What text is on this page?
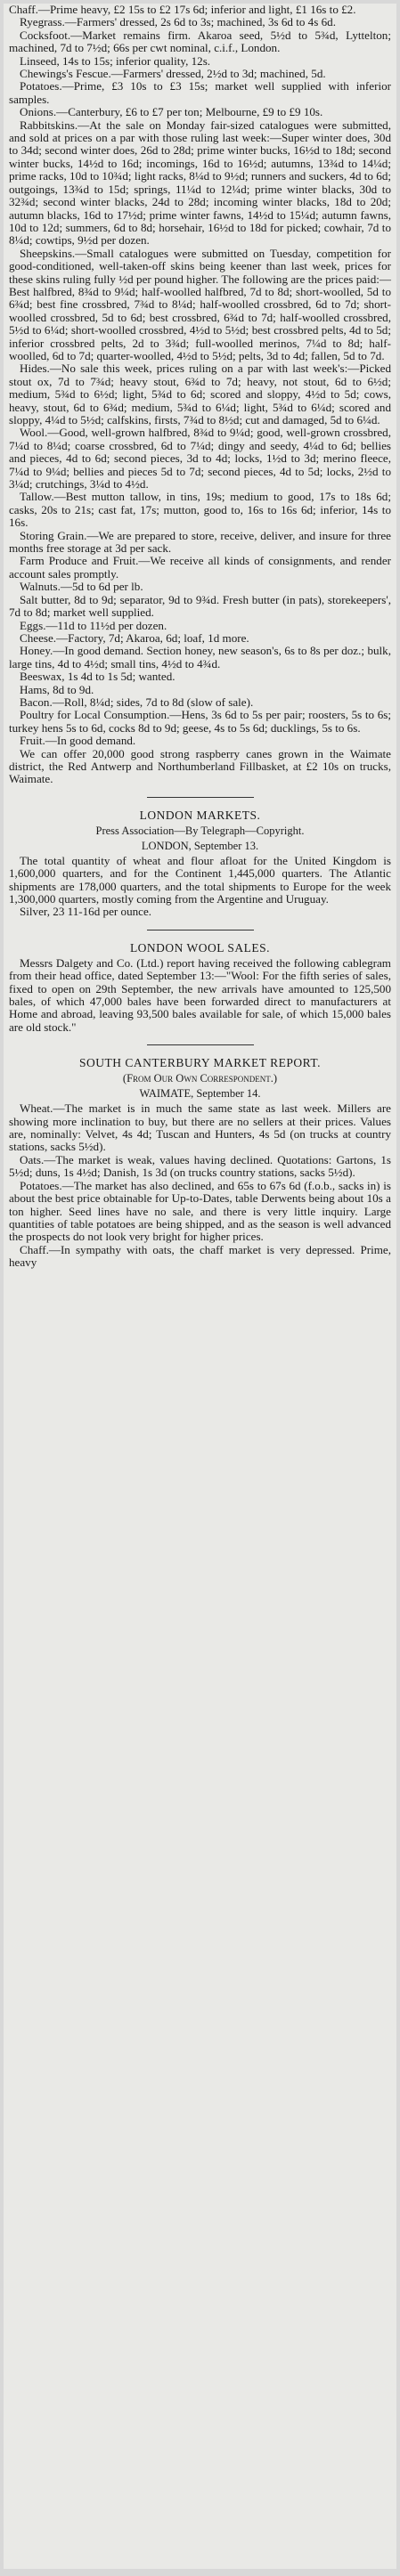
Chaff.—Prime heavy, £2 15s to £2 17s 6d; inferior and light, £1 16s to £2.

Ryegrass.—Farmers' dressed, 2s 6d to 3s; machined, 3s 6d to 4s 6d.

Cocksfoot.—Market remains firm. Akaroa seed, 5½d to 5¾d, Lyttelton; machined, 7d to 7½d; 66s per cwt nominal, c.i.f., London.

Linseed, 14s to 15s; inferior quality, 12s.

Chewings's Fescue.—Farmers' dressed, 2½d to 3d; machined, 5d.

Potatoes.—Prime, £3 10s to £3 15s; market well supplied with inferior samples.

Onions.—Canterbury, £6 to £7 per ton; Melbourne, £9 to £9 10s.

Rabbitskins.—At the sale on Monday fair-sized catalogues were submitted, and sold at prices on a par with those ruling last week:—Super winter does, 30d to 34d; second winter does, 26d to 28d; prime winter bucks, 16½d to 18d; second winter bucks, 14½d to 16d; incomings, 16d to 16½d; autumns, 13¾d to 14¼d; prime racks, 10d to 10¾d; light racks, 8¼d to 9½d; runners and suckers, 4d to 6d; outgoings, 13¾d to 15d; springs, 11¼d to 12¼d; prime winter blacks, 30d to 32¾d; second winter blacks, 24d to 28d; incoming winter blacks, 18d to 20d; autumn blacks, 16d to 17½d; prime winter fawns, 14½d to 15¼d; autumn fawns, 10d to 12d; summers, 6d to 8d; horsehair, 16½d to 18d for picked; cowhair, 7d to 8¼d; cowtips, 9½d per dozen.

Sheepskins.—Small catalogues were submitted on Tuesday, competition for good-conditioned, well-taken-off skins being keener than last week, prices for these skins ruling fully ½d per pound higher. The following are the prices paid:—Best halfbred, 8¾d to 9¼d; half-woolled halfbred, 7d to 8d; short-woolled, 5d to 6¾d; best fine crossbred, 7¾d to 8¼d; half-woolled crossbred, 6d to 7d; short-woolled crossbred, 5d to 6d; best crossbred, 6¾d to 7d; half-woolled crossbred, 5½d to 6¼d; short-woolled crossbred, 4½d to 5½d; best crossbred pelts, 4d to 5d; inferior crossbred pelts, 2d to 3¾d; full-woolled merinos, 7¼d to 8d; half-woolled, 6d to 7d; quarter-woolled, 4½d to 5½d; pelts, 3d to 4d; fallen, 5d to 7d.

Hides.—No sale this week, prices ruling on a par with last week's:—Picked stout ox, 7d to 7¾d; heavy stout, 6¾d to 7d; heavy, not stout, 6d to 6½d; medium, 5¾d to 6½d; light, 5¾d to 6d; scored and sloppy, 4½d to 5d; cows, heavy, stout, 6d to 6¾d; medium, 5¾d to 6¼d; light, 5¾d to 6¼d; scored and sloppy, 4¼d to 5½d; calfskins, firsts, 7¾d to 8½d; cut and damaged, 5d to 6¼d.

Wool.—Good, well-grown halfbred, 8¾d to 9¼d; good, well-grown crossbred, 7¼d to 8¼d; coarse crossbred, 6d to 7¼d; dingy and seedy, 4¼d to 6d; bellies and pieces, 4d to 6d; second pieces, 3d to 4d; locks, 1½d to 3d; merino fleece, 7¼d to 9¼d; bellies and pieces 5d to 7d; second pieces, 4d to 5d; locks, 2½d to 3¼d; crutchings, 3¼d to 4½d.

Tallow.—Best mutton tallow, in tins, 19s; medium to good, 17s to 18s 6d; casks, 20s to 21s; cast fat, 17s; mutton, good to, 16s to 16s 6d; inferior, 14s to 16s.

Storing Grain.—We are prepared to store, receive, deliver, and insure for three months free storage at 3d per sack.

Farm Produce and Fruit.—We receive all kinds of consignments, and render account sales promptly.

Walnuts.—5d to 6d per lb.

Salt butter, 8d to 9d; separator, 9d to 9¾d. Fresh butter (in pats), storekeepers', 7d to 8d; market well supplied.

Eggs.—11d to 11½d per dozen.

Cheese.—Factory, 7d; Akaroa, 6d; loaf, 1d more.

Honey.—In good demand. Section honey, new season's, 6s to 8s per doz.; bulk, large tins, 4d to 4½d; small tins, 4½d to 4¾d.

Beeswax, 1s 4d to 1s 5d; wanted.

Hams, 8d to 9d.

Bacon.—Roll, 8¼d; sides, 7d to 8d (slow of sale).

Poultry for Local Consumption.—Hens, 3s 6d to 5s per pair; roosters, 5s to 6s; turkey hens 5s to 6d, cocks 8d to 9d; geese, 4s to 5s 6d; ducklings, 5s to 6s.

Fruit.—In good demand.

We can offer 20,000 good strong raspberry canes grown in the Waimate district, the Red Antwerp and Northumberland Fillbasket, at £2 10s on trucks, Waimate.

LONDON MARKETS.
Press Association—By Telegraph—Copyright.
LONDON, September 13.

The total quantity of wheat and flour afloat for the United Kingdom is 1,600,000 quarters, and for the Continent 1,445,000 quarters. The Atlantic shipments are 178,000 quarters, and the total shipments to Europe for the week 1,300,000 quarters, mostly coming from the Argentine and Uruguay.

Silver, 23 11-16d per ounce.

LONDON WOOL SALES.

Messrs Dalgety and Co. (Ltd.) report having received the following cablegram from their head office, dated September 13:—"Wool: For the fifth series of sales, fixed to open on 29th September, the new arrivals have amounted to 125,500 bales, of which 47,000 bales have been forwarded direct to manufacturers at Home and abroad, leaving 93,500 bales available for sale, of which 15,000 bales are old stock."

SOUTH CANTERBURY MARKET REPORT.
(From Our Own Correspondent.)
WAIMATE, September 14.

Wheat.—The market is in much the same state as last week. Millers are showing more inclination to buy, but there are no sellers at their prices. Values are, nominally: Velvet, 4s 4d; Tuscan and Hunters, 4s 5d (on trucks at country stations, sacks 5½d).

Oats.—The market is weak, values having declined. Quotations: Gartons, 1s 5½d; duns, 1s 4½d; Danish, 1s 3d (on trucks country stations, sacks 5½d).

Potatoes.—The market has also declined, and 65s to 67s 6d (f.o.b., sacks in) is about the best price obtainable for Up-to-Dates, table Derwents being about 10s a ton higher. Seed lines have no sale, and there is very little inquiry. Large quantities of table potatoes are being shipped, and as the season is well advanced the prospects do not look very bright for higher prices.

Chaff.—In sympathy with oats, the chaff market is very depressed. Prime, heavy
